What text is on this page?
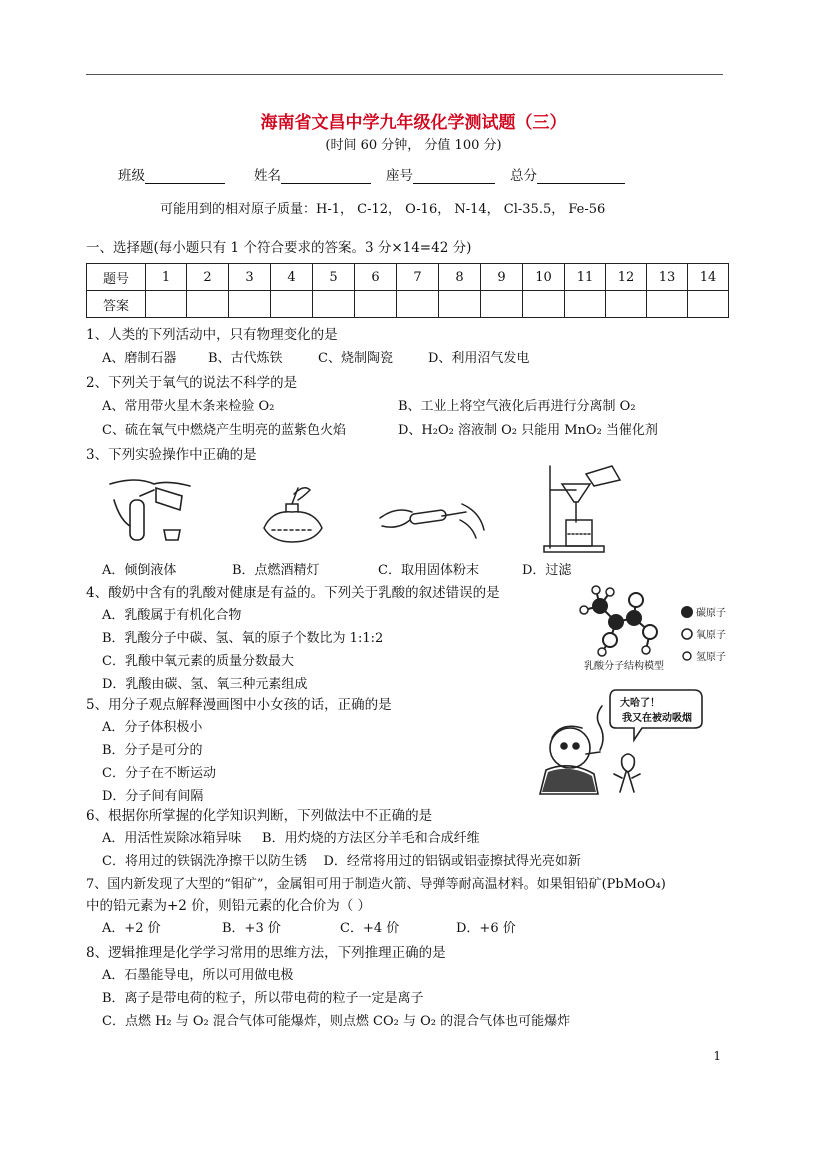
海南省文昌中学九年级化学测试题（三）
(时间 60 分钟， 分值 100 分)
班级	姓名	座号	总分
可能用到的相对原子质量：H-1， C-12， O-16， N-14， Cl-35.5， Fe-56
一、选择题(每小题只有 1 个符合要求的答案。3 分×14=42 分)
题号	1	2	3	4	5	6	7	8	9	10	11	12	13	14
答案														
1、人类的下列活动中，只有物理变化的是
A、磨制石器 B、古代炼铁	C、烧制陶瓷	D、利用沼气发电
2、下列关于氧气的说法不科学的是
A、常用带火星木条来检验 O₂	B、工业上将空气液化后再进行分离制 O₂
C、硫在氧气中燃烧产生明亮的蓝紫色火焰	D、H₂O₂ 溶液制 O₂ 只能用 MnO₂ 当催化剂
3、下列实验操作中正确的是
A．倾倒液体	B．点燃酒精灯	C．取用固体粉末	D．过滤
4、酸奶中含有的乳酸对健康是有益的。下列关于乳酸的叙述错误的是
A．乳酸属于有机化合物
B．乳酸分子中碳、氢、氧的原子个数比为 1:1:2
C．乳酸中氧元素的质量分数最大
D．乳酸由碳、氢、氧三种元素组成
碳原子
氧原子
氢原子
乳酸分子结构模型
5、用分子观点解释漫画图中小女孩的话，正确的是
A．分子体积极小
B．分子是可分的
C．分子在不断运动
D．分子间有间隔
大哈了！
我又在被动吸烟
6、根据你所掌握的化学知识判断，下列做法中不正确的是
A．用活性炭除冰箱异味     B．用灼烧的方法区分羊毛和合成纤维
C．将用过的铁锅洗净擦干以防生锈    D．经常将用过的铝锅或铝壶擦拭得光亮如新
7、国内新发现了大型的“钼矿”，金属钼可用于制造火箭、导弹等耐高温材料。如果钼铅矿(PbMoO₄)
中的铅元素为+2 价，则铅元素的化合价为（ ）
A．+2 价	B．+3 价	C．+4 价	D．+6 价
8、逻辑推理是化学学习常用的思维方法，下列推理正确的是
A．石墨能导电，所以可用做电极
B．离子是带电荷的粒子，所以带电荷的粒子一定是离子
C．点燃 H₂ 与 O₂ 混合气体可能爆炸，则点燃 CO₂ 与 O₂ 的混合气体也可能爆炸
1
